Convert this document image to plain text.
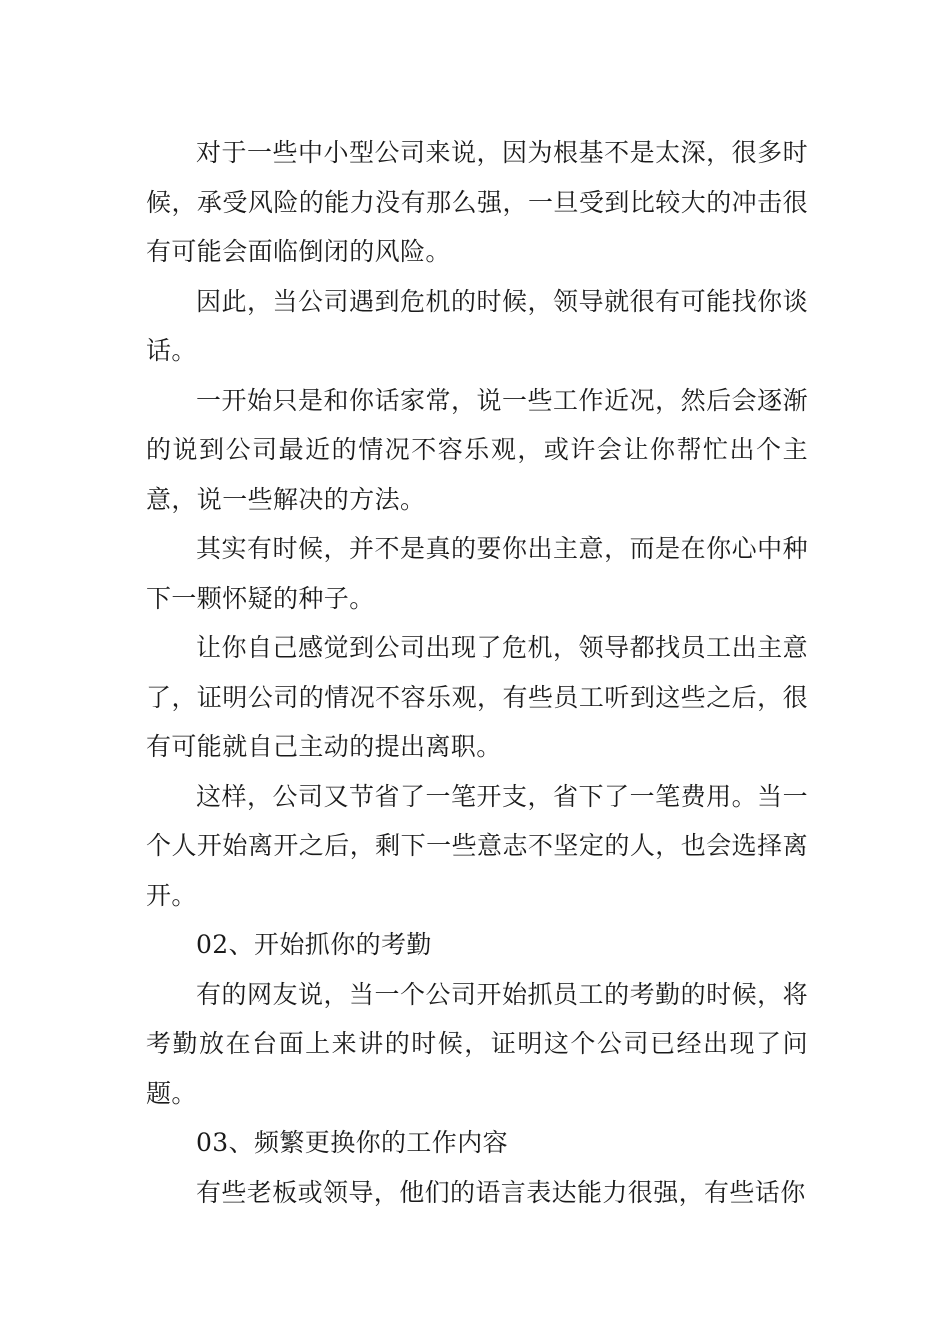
对于一些中小型公司来说，因为根基不是太深，很多时候，承受风险的能力没有那么强，一旦受到比较大的冲击很有可能会面临倒闭的风险。

因此，当公司遇到危机的时候，领导就很有可能找你谈话。

一开始只是和你话家常，说一些工作近况，然后会逐渐的说到公司最近的情况不容乐观，或许会让你帮忙出个主意，说一些解决的方法。

其实有时候，并不是真的要你出主意，而是在你心中种下一颗怀疑的种子。

让你自己感觉到公司出现了危机，领导都找员工出主意了，证明公司的情况不容乐观，有些员工听到这些之后，很有可能就自己主动的提出离职。

这样，公司又节省了一笔开支，省下了一笔费用。当一个人开始离开之后，剩下一些意志不坚定的人，也会选择离开。

02、开始抓你的考勤

有的网友说，当一个公司开始抓员工的考勤的时候，将考勤放在台面上来讲的时候，证明这个公司已经出现了问题。

03、频繁更换你的工作内容

有些老板或领导，他们的语言表达能力很强，有些话你
